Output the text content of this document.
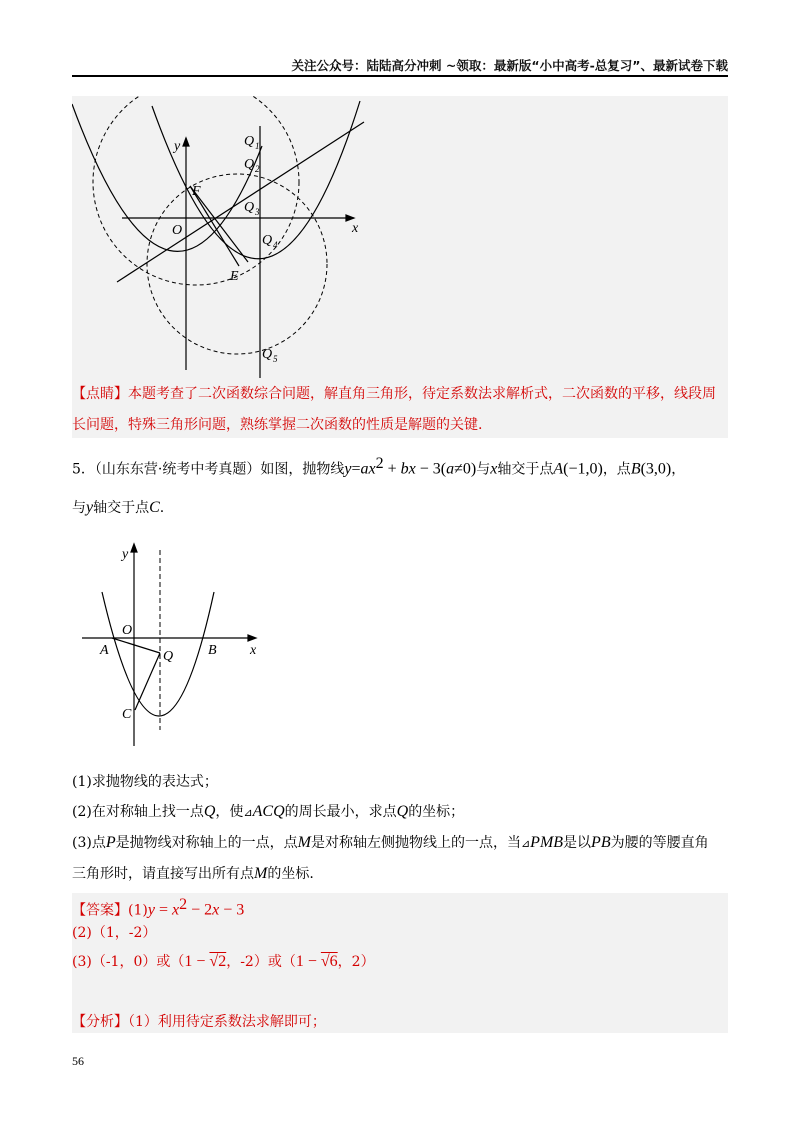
关注公众号：陆陆高分冲刺 ~领取：最新版“小中高考-总复习”、最新试卷下载
y
x
O
F
E
Q 1
Q 2
Q 3
Q 4
Q 5
【点睛】本题考查了二次函数综合问题，解直角三角形，待定系数法求解析式，二次函数的平移，线段周
长问题，特殊三角形问题，熟练掌握二次函数的性质是解题的关键.
5．（山东东营·统考中考真题）如图，抛物线$y=ax^2$ + bx − 3(a≠0)与x轴交于点A(−1,0)，点B(3,0)，
与y轴交于点C.
y
x
O
A	B
Q
C
(1)求抛物线的表达式；
(2)在对称轴上找一点Q，使⊿ACQ的周长最小，求点Q的坐标；
(3)点P是抛物线对称轴上的一点，点M是对称轴左侧抛物线上的一点，当⊿PMB是以PB为腰的等腰直角
三角形时，请直接写出所有点M的坐标.
【答案】$(1)y = x^2 - 2x - 3$
(2)（1，-2）
(3)（-1，0）或（1 − √2，-2）或（1 − √6，2）
【分析】（1）利用待定系数法求解即可；
56
